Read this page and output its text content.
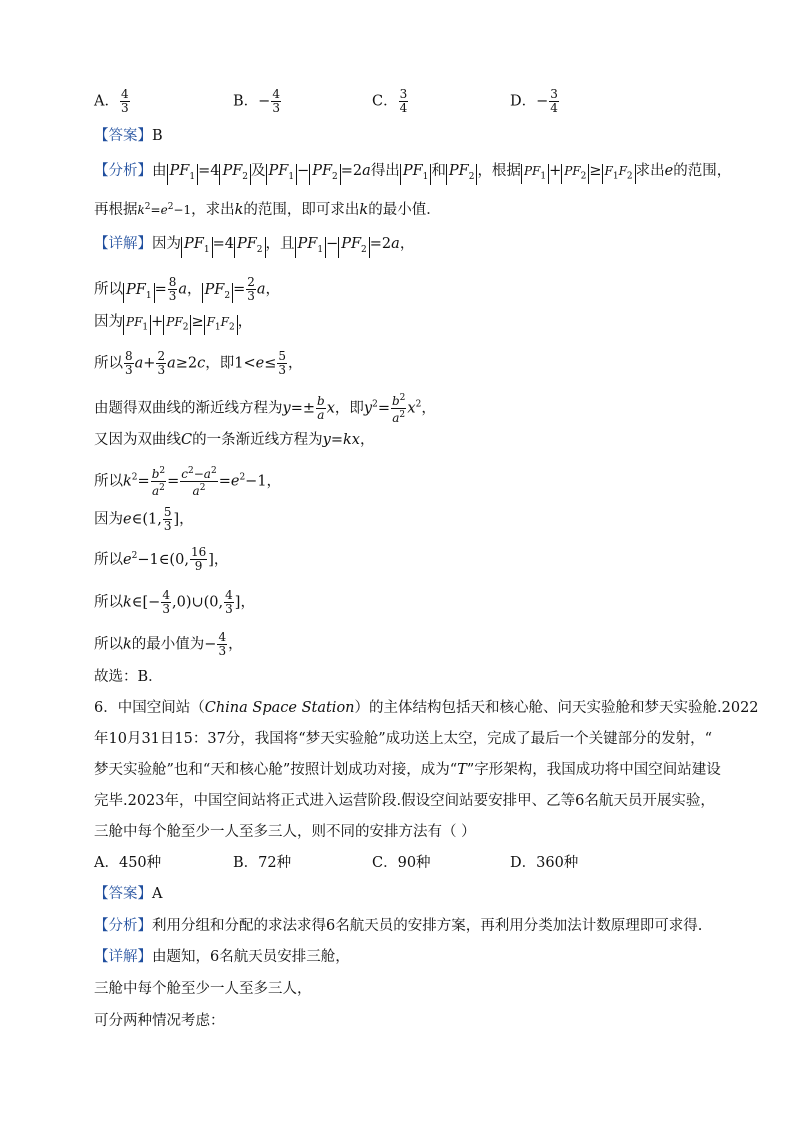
A． $\frac{4}{3}$	B．− $\frac{4}{3}$	C． $\frac{3}{4}$	D．− $\frac{3}{4}$
【答案】B
【分析】由 $PF_1 =4$ $PF_2$ 及 $PF_1 - PF_2 =2a$得出 $PF_1$ 和 $PF_2$ ，根据 $PF_1 + PF_2 \ge F_1F_2$ 求出e的范围，
再根据$k^2=e^2-1$，求出k的范围，即可求出k的最小值．
【详解】因为 $PF_1 =4$ $PF_2$ ，且 $PF_1 - PF_2 =2a$，
所以 $PF_1 = \frac{8}{3}$ a， $PF_2 = \frac{2}{3}$ a，
因为 $PF_1 + PF_2 \ge F_1F_2$ ，
所以 $\frac{8}{3} a+ \frac{2}{3} a\ge 2c$，即$1<e\le \frac{5}{3}$ ，
由题得双曲线的渐近线方程为$y=\pm \frac{b}{a}$ x，即$y^2= \frac{b^2}{a^2} x^2$，
又因为双曲线C的一条渐近线方程为y=kx，
所以$k^2= \frac{b^2}{a^2} = \frac{c^2-a^2}{a^2} =e^2-1$，
因为e∈(1, $\frac{5}{3}$ ]，
所以$e^2-1\in(0$, $\frac{16}{9}$ ]，
所以k∈[− $\frac{4}{3}$ ,0)∪(0, $\frac{4}{3}$ ]，
所以k的最小值为− $\frac{4}{3}$ ，
故选：B．
6．中国空间站（China Space Station）的主体结构包括天和核心舱、问天实验舱和梦天实验舱.2022
年10月31日15：37分，我国将“梦天实验舱”成功送上太空，完成了最后一个关键部分的发射，“
梦天实验舱”也和“天和核心舱”按照计划成功对接，成为“T”字形架构，我国成功将中国空间站建设
完毕.2023年，中国空间站将正式进入运营阶段.假设空间站要安排甲、乙等6名航天员开展实验，
三舱中每个舱至少一人至多三人，则不同的安排方法有（ ）
A．450种	B．72种	C．90种	D．360种
【答案】A
【分析】利用分组和分配的求法求得6名航天员的安排方案，再利用分类加法计数原理即可求得.
【详解】由题知，6名航天员安排三舱，
三舱中每个舱至少一人至多三人，
可分两种情况考虑：
